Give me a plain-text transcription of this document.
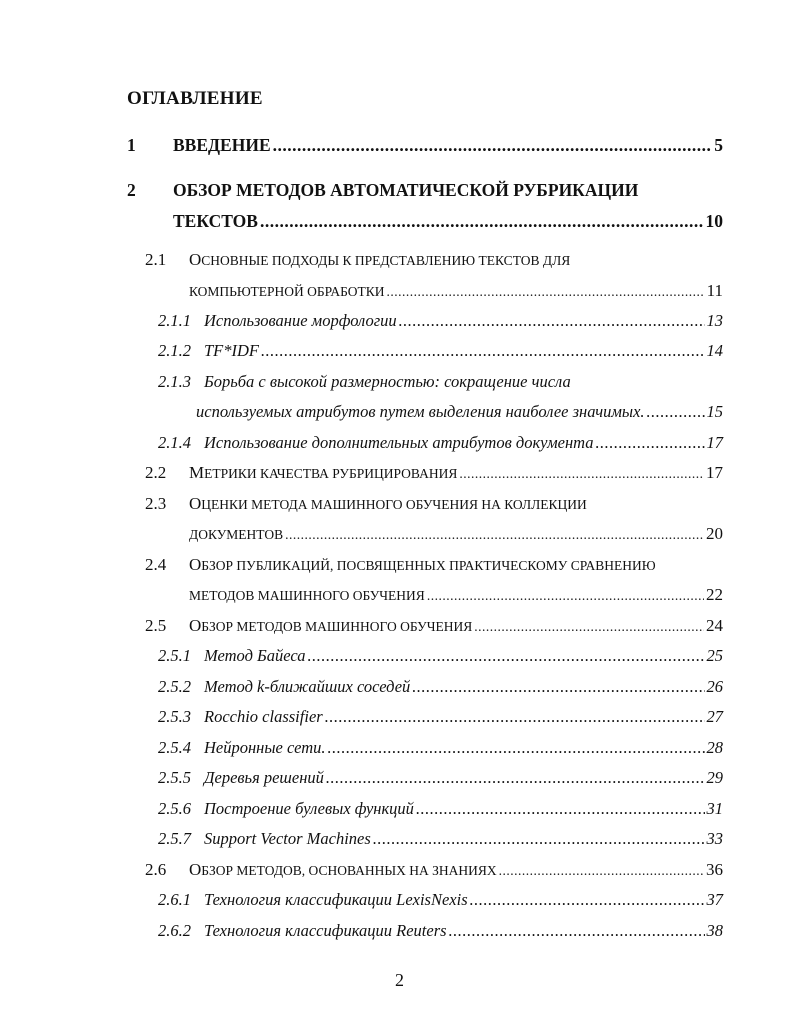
ОГЛАВЛЕНИЕ
1 ВВЕДЕНИЕ .....	5
2 ОБЗОР МЕТОДОВ АВТОМАТИЧЕСКОЙ РУБРИКАЦИИ
ТЕКСТОВ .....	10
2.1 ОСНОВНЫЕ ПОДХОДЫ К ПРЕДСТАВЛЕНИЮ ТЕКСТОВ ДЛЯ
КОМПЬЮТЕРНОЙ ОБРАБОТКИ .....	11
2.1.1 Использование морфологии .....	13
2.1.2 TF*IDF .....	14
2.1.3 Борьба с высокой размерностью: сокращение числа
используемых атрибутов путем выделения наиболее значимых. .....	15
2.1.4 Использование дополнительных атрибутов документа .....	17
2.2 МЕТРИКИ КАЧЕСТВА РУБРИЦИРОВАНИЯ .....	17
2.3 ОЦЕНКИ МЕТОДА МАШИННОГО ОБУЧЕНИЯ НА КОЛЛЕКЦИИ
ДОКУМЕНТОВ .....	20
2.4 ОБЗОР ПУБЛИКАЦИЙ, ПОСВЯЩЕННЫХ ПРАКТИЧЕСКОМУ СРАВНЕНИЮ
МЕТОДОВ МАШИННОГО ОБУЧЕНИЯ .....	22
2.5 ОБЗОР МЕТОДОВ МАШИННОГО ОБУЧЕНИЯ .....	24
2.5.1 Метод Байеса .....	25
2.5.2 Метод k-ближайших соседей .....	26
2.5.3 Rocchio classifier .....	27
2.5.4 Нейронные сети. .....	28
2.5.5 Деревья решений .....	29
2.5.6 Построение булевых функций .....	31
2.5.7 Support Vector Machines .....	33
2.6 ОБЗОР МЕТОДОВ, ОСНОВАННЫХ НА ЗНАНИЯХ .....	36
2.6.1 Технология классификации LexisNexis .....	37
2.6.2 Технология классификации Reuters .....	38
2
